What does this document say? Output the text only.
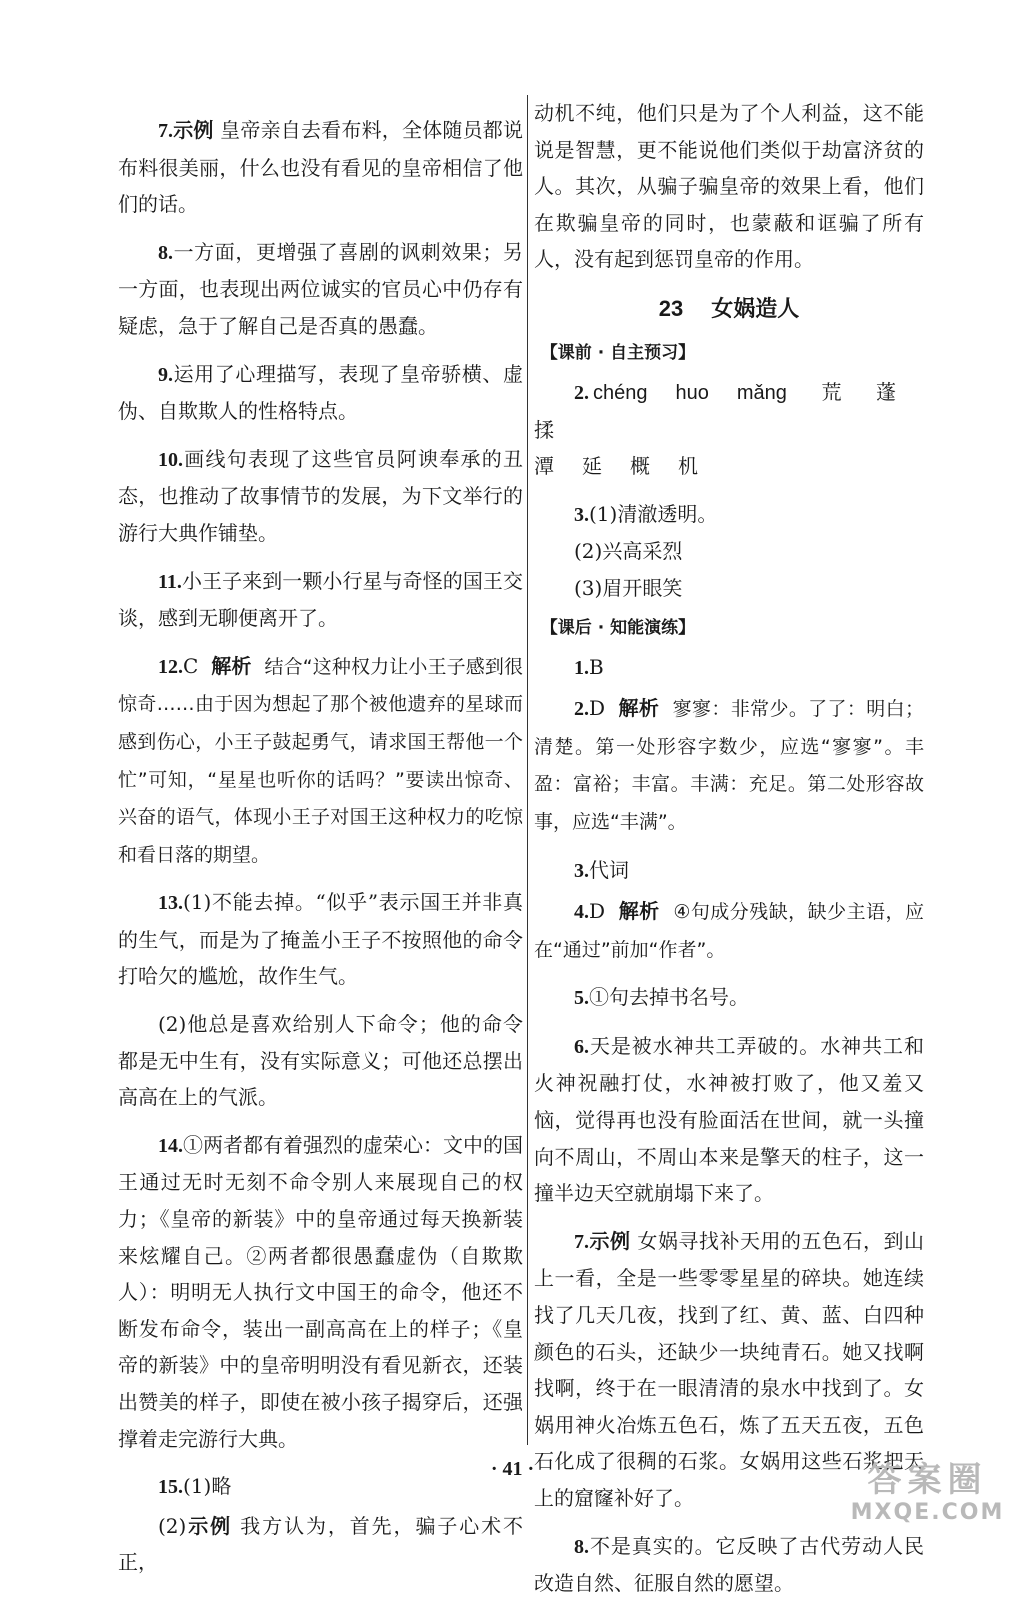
7.示例 皇帝亲自去看布料，全体随员都说布料很美丽，什么也没有看见的皇帝相信了他们的话。

8.一方面，更增强了喜剧的讽刺效果；另一方面，也表现出两位诚实的官员心中仍存有疑虑，急于了解自己是否真的愚蠢。

9.运用了心理描写，表现了皇帝骄横、虚伪、自欺欺人的性格特点。

10.画线句表现了这些官员阿谀奉承的丑态，也推动了故事情节的发展，为下文举行的游行大典作铺垫。

11.小王子来到一颗小行星与奇怪的国王交谈，感到无聊便离开了。

12.C 解析 结合“这种权力让小王子感到很惊奇……由于因为想起了那个被他遗弃的星球而感到伤心，小王子鼓起勇气，请求国王帮他一个忙”可知，“星星也听你的话吗？”要读出惊奇、兴奋的语气，体现小王子对国王这种权力的吃惊和看日落的期望。

13.(1)不能去掉。“似乎”表示国王并非真的生气，而是为了掩盖小王子不按照他的命令打哈欠的尴尬，故作生气。

(2)他总是喜欢给别人下命令；他的命令都是无中生有，没有实际意义；可他还总摆出高高在上的气派。

14.①两者都有着强烈的虚荣心：文中的国王通过无时无刻不命令别人来展现自己的权力；《皇帝的新装》中的皇帝通过每天换新装来炫耀自己。②两者都很愚蠢虚伪（自欺欺人）：明明无人执行文中国王的命令，他还不断发布命令，装出一副高高在上的样子；《皇帝的新装》中的皇帝明明没有看见新衣，还装出赞美的样子，即使在被小孩子揭穿后，还强撑着走完游行大典。

15.(1)略

(2)示例 我方认为，首先，骗子心术不正，

动机不纯，他们只是为了个人利益，这不能说是智慧，更不能说他们类似于劫富济贫的人。其次，从骗子骗皇帝的效果上看，他们在欺骗皇帝的同时，也蒙蔽和诓骗了所有人，没有起到惩罚皇帝的作用。

23 女娲造人
【课前 · 自主预习】

2. chéng huo mǎng 荒 蓬揉

潭 延 概 机

3.(1)清澈透明。

(2)兴高采烈

(3)眉开眼笑

【课后 · 知能演练】

1.B

2.D 解析 寥寥：非常少。了了：明白；清楚。第一处形容字数少，应选“寥寥”。丰盈：富裕；丰富。丰满：充足。第二处形容故事，应选“丰满”。

3.代词

4.D 解析 ④句成分残缺，缺少主语，应在“通过”前加“作者”。

5.①句去掉书名号。

6.天是被水神共工弄破的。水神共工和火神祝融打仗，水神被打败了，他又羞又恼，觉得再也没有脸面活在世间，就一头撞向不周山，不周山本来是擎天的柱子，这一撞半边天空就崩塌下来了。

7.示例 女娲寻找补天用的五色石，到山上一看，全是一些零零星星的碎块。她连续找了几天几夜，找到了红、黄、蓝、白四种颜色的石头，还缺少一块纯青石。她又找啊找啊，终于在一眼清清的泉水中找到了。女娲用神火冶炼五色石，炼了五天五夜，五色石化成了很稠的石浆。女娲用这些石浆把天上的窟窿补好了。

8.不是真实的。它反映了古代劳动人民改造自然、征服自然的愿望。

· 41 ·	答案圈
MXQE.COM
